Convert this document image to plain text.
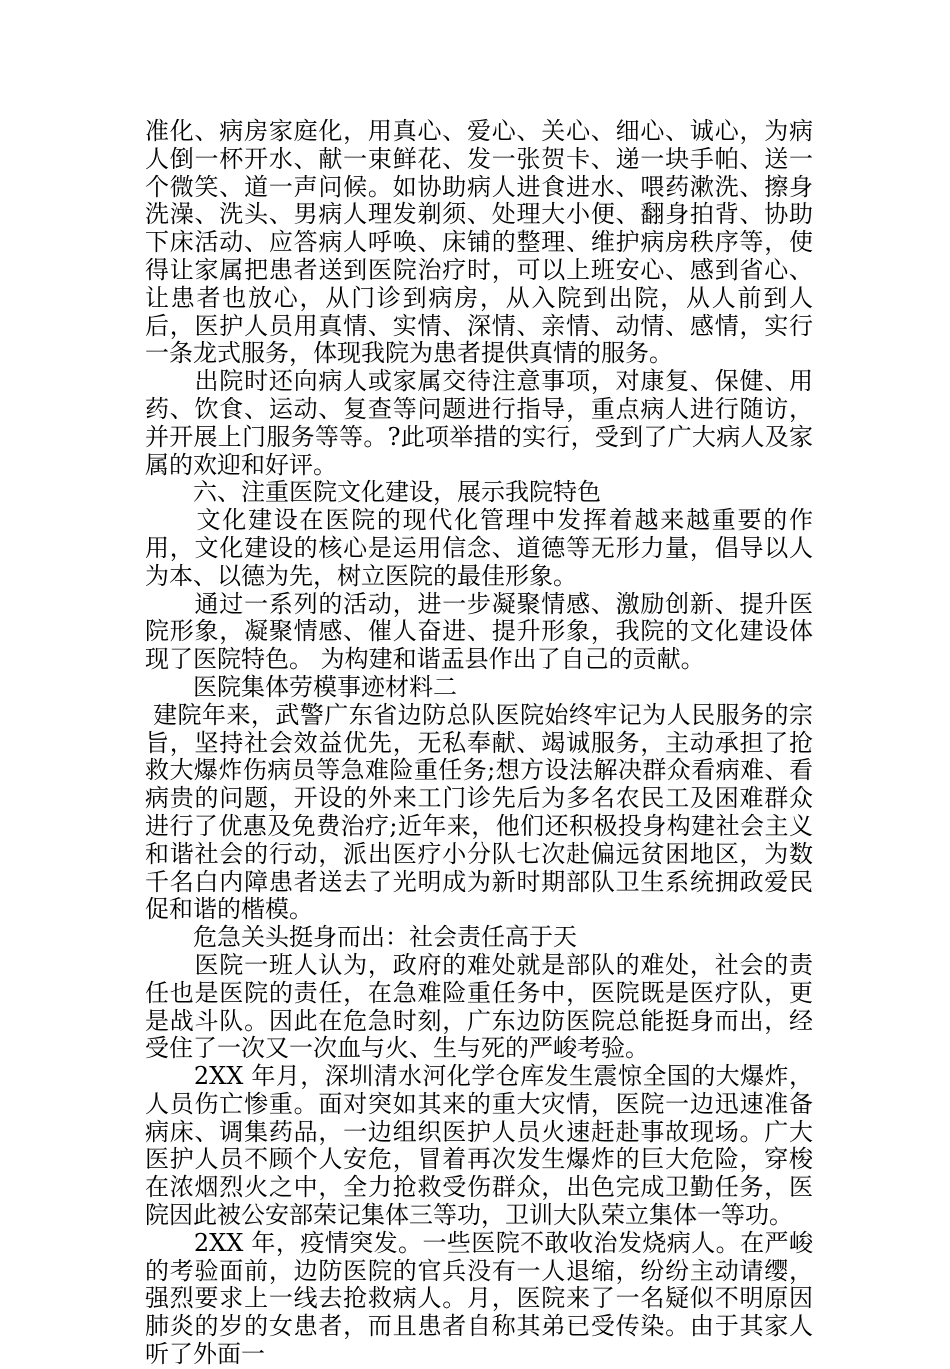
准化、病房家庭化，用真心、爱心、关心、细心、诚心，为病人倒一杯开水、献一束鲜花、发一张贺卡、递一块手帕、送一个微笑、道一声问候。如协助病人进食进水、喂药漱洗、擦身洗澡、洗头、男病人理发剃须、处理大小便、翻身拍背、协助下床活动、应答病人呼唤、床铺的整理、维护病房秩序等，使得让家属把患者送到医院治疗时，可以上班安心、感到省心、让患者也放心，从门诊到病房，从入院到出院，从人前到人后，医护人员用真情、实情、深情、亲情、动情、感情，实行一条龙式服务，体现我院为患者提供真情的服务。

　　出院时还向病人或家属交待注意事项，对康复、保健、用药、饮食、运动、复查等问题进行指导，重点病人进行随访，并开展上门服务等等。?此项举措的实行，受到了广大病人及家属的欢迎和好评。

　　六、注重医院文化建设，展示我院特色

　　文化建设在医院的现代化管理中发挥着越来越重要的作用，文化建设的核心是运用信念、道德等无形力量，倡导以人为本、以德为先，树立医院的最佳形象。

　　通过一系列的活动，进一步凝聚情感、激励创新、提升医院形象，凝聚情感、催人奋进、提升形象，我院的文化建设体现了医院特色。 为构建和谐盂县作出了自己的贡献。

　　医院集体劳模事迹材料二

建院年来，武警广东省边防总队医院始终牢记为人民服务的宗旨，坚持社会效益优先，无私奉献、竭诚服务，主动承担了抢救大爆炸伤病员等急难险重任务;想方设法解决群众看病难、看病贵的问题，开设的外来工门诊先后为多名农民工及困难群众进行了优惠及免费治疗;近年来，他们还积极投身构建社会主义和谐社会的行动，派出医疗小分队七次赴偏远贫困地区，为数千名白内障患者送去了光明成为新时期部队卫生系统拥政爱民促和谐的楷模。

　　危急关头挺身而出：社会责任高于天

　　医院一班人认为，政府的难处就是部队的难处，社会的责任也是医院的责任，在急难险重任务中，医院既是医疗队，更是战斗队。因此在危急时刻，广东边防医院总能挺身而出，经受住了一次又一次血与火、生与死的严峻考验。

　　2XX 年月，深圳清水河化学仓库发生震惊全国的大爆炸，人员伤亡惨重。面对突如其来的重大灾情，医院一边迅速准备病床、调集药品，一边组织医护人员火速赶赴事故现场。广大医护人员不顾个人安危，冒着再次发生爆炸的巨大危险，穿梭在浓烟烈火之中，全力抢救受伤群众，出色完成卫勤任务，医院因此被公安部荣记集体三等功，卫训大队荣立集体一等功。

　　2XX 年，疫情突发。一些医院不敢收治发烧病人。在严峻的考验面前，边防医院的官兵没有一人退缩，纷纷主动请缨，强烈要求上一线去抢救病人。月，医院来了一名疑似不明原因肺炎的岁的女患者，而且患者自称其弟已受传染。由于其家人听了外面一
